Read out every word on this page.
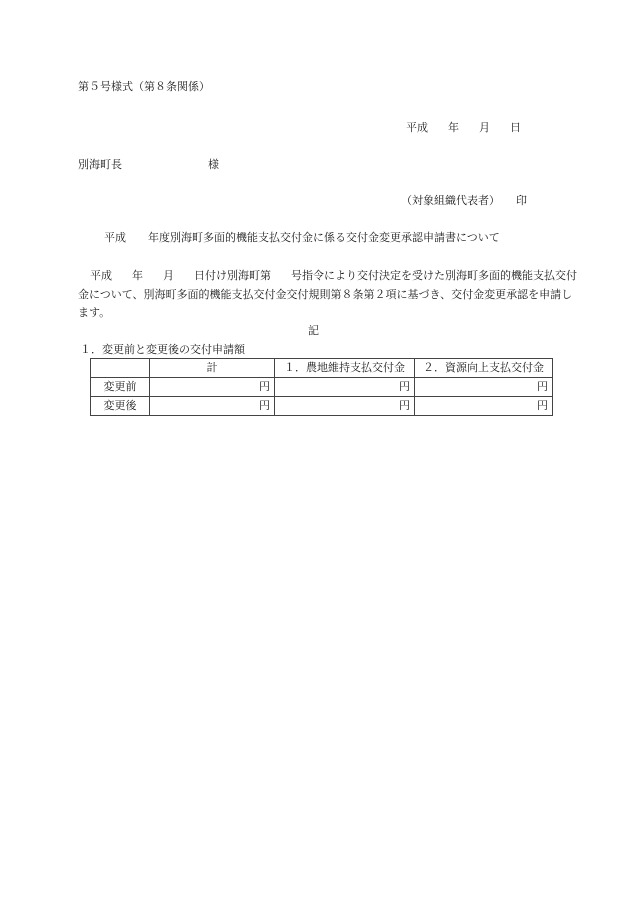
第５号様式（第８条関係）
平成 年 月 日
別海町長	様
（対象組織代表者） 印
平成 年度別海町多面的機能支払交付金に係る交付金変更承認申請書について
平成 年 月 日付け別海町第 号指令により交付決定を受けた別海町多面的機能支払交付金について、別海町多面的機能支払交付金交付規則第８条第２項に基づき、交付金変更承認を申請します。
記
１．変更前と変更後の交付申請額
	計	１．農地維持支払交付金	２．資源向上支払交付金
変更前	円	円	円
変更後	円	円	円
